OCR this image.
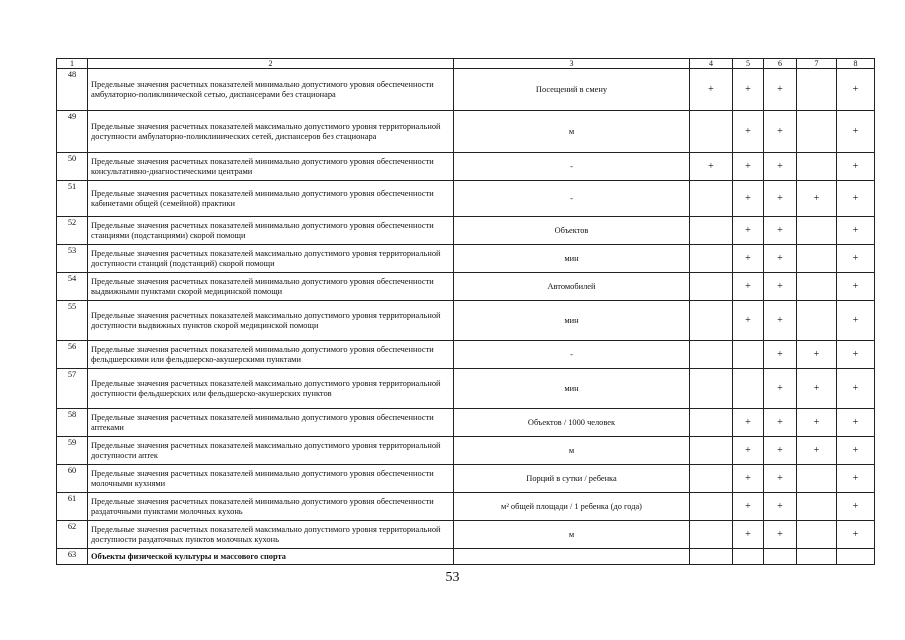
1	2	3	4	5	6	7	8
48	Предельные значения расчетных показателей минимально допустимого уровня обеспеченности амбулаторно-поликлинической сетью, диспансерами без стационара	Посещений в смену	+	+	+		+
49	Предельные значения расчетных показателей максимально допустимого уровня территориальной доступности амбулаторно-поликлинических сетей, диспансеров без стационара	м		+	+		+
50	Предельные значения расчетных показателей минимально допустимого уровня обеспеченности консультативно-диагностическими центрами	-	+	+	+		+
51	Предельные значения расчетных показателей минимально допустимого уровня обеспеченности кабинетами общей (семейной) практики	-		+	+	+	+
52	Предельные значения расчетных показателей минимально допустимого уровня обеспеченности станциями (подстанциями) скорой помощи	Объектов		+	+		+
53	Предельные значения расчетных показателей максимально допустимого уровня территориальной доступности станций (подстанций) скорой помощи	мин		+	+		+
54	Предельные значения расчетных показателей минимально допустимого уровня обеспеченности выдвижными пунктами скорой медицинской помощи	Автомобилей		+	+		+
55	Предельные значения расчетных показателей максимально допустимого уровня территориальной доступности выдвижных пунктов скорой медицинской помощи	мин		+	+		+
56	Предельные значения расчетных показателей минимально допустимого уровня обеспеченности фельдшерскими или фельдшерско-акушерскими пунктами	-			+	+	+
57	Предельные значения расчетных показателей максимально допустимого уровня территориальной доступности фельдшерских или фельдшерско-акушерских пунктов	мин			+	+	+
58	Предельные значения расчетных показателей минимально допустимого уровня обеспеченности аптеками	Объектов / 1000 человек		+	+	+	+
59	Предельные значения расчетных показателей максимально допустимого уровня территориальной доступности аптек	м		+	+	+	+
60	Предельные значения расчетных показателей минимально допустимого уровня обеспеченности молочными кухнями	Порций в сутки / ребенка		+	+		+
61	Предельные значения расчетных показателей минимально допустимого уровня обеспеченности раздаточными пунктами молочных кухонь	м² общей площади / 1 ребенка (до года)		+	+		+
62	Предельные значения расчетных показателей максимально допустимого уровня территориальной доступности раздаточных пунктов молочных кухонь	м		+	+		+
63	Объекты физической культуры и массового спорта						
53
